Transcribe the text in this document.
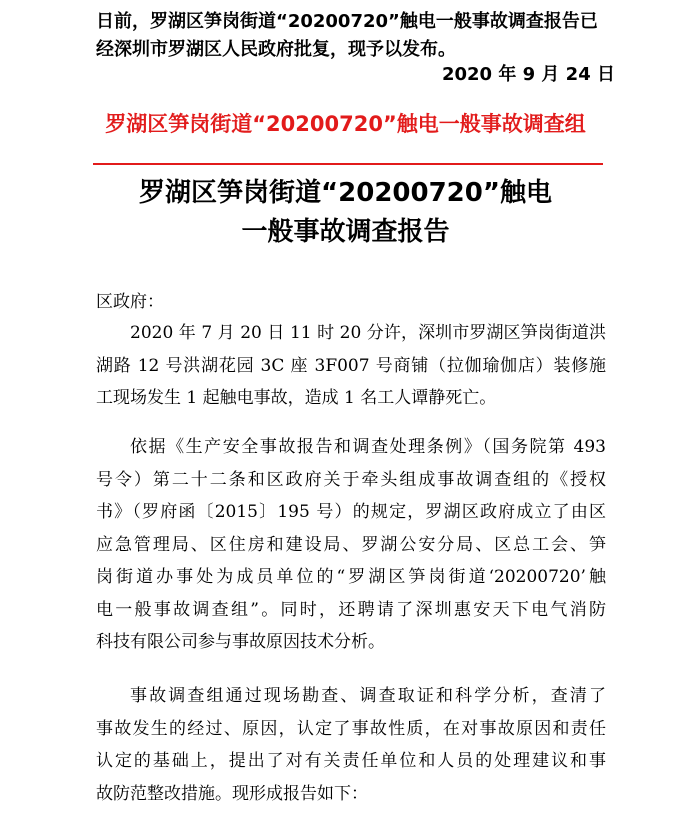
日前，罗湖区笋岗街道“20200720”触电一般事故调查报告已
经深圳市罗湖区人民政府批复，现予以发布。
2020 年 9 月 24 日
罗湖区笋岗街道“20200720”触电一般事故调查组
罗湖区笋岗街道“20200720”触电
一般事故调查报告
区政府：
2020 年 7 月 20 日 11 时 20 分许，深圳市罗湖区笋岗街道洪
湖路 12 号洪湖花园 3C 座 3F007 号商铺（拉伽瑜伽店）装修施
工现场发生 1 起触电事故，造成 1 名工人谭静死亡。
依据《生产安全事故报告和调查处理条例》（国务院第 493
号令）第二十二条和区政府关于牵头组成事故调查组的《授权
书》（罗府函〔2015〕195 号）的规定，罗湖区政府成立了由区
应急管理局、区住房和建设局、罗湖公安分局、区总工会、笋
岗街道办事处为成员单位的“罗湖区笋岗街道‘20200720’触
电一般事故调查组”。同时，还聘请了深圳惠安天下电气消防
科技有限公司参与事故原因技术分析。
事故调查组通过现场勘查、调查取证和科学分析，查清了
事故发生的经过、原因，认定了事故性质，在对事故原因和责任
认定的基础上，提出了对有关责任单位和人员的处理建议和事
故防范整改措施。现形成报告如下：
